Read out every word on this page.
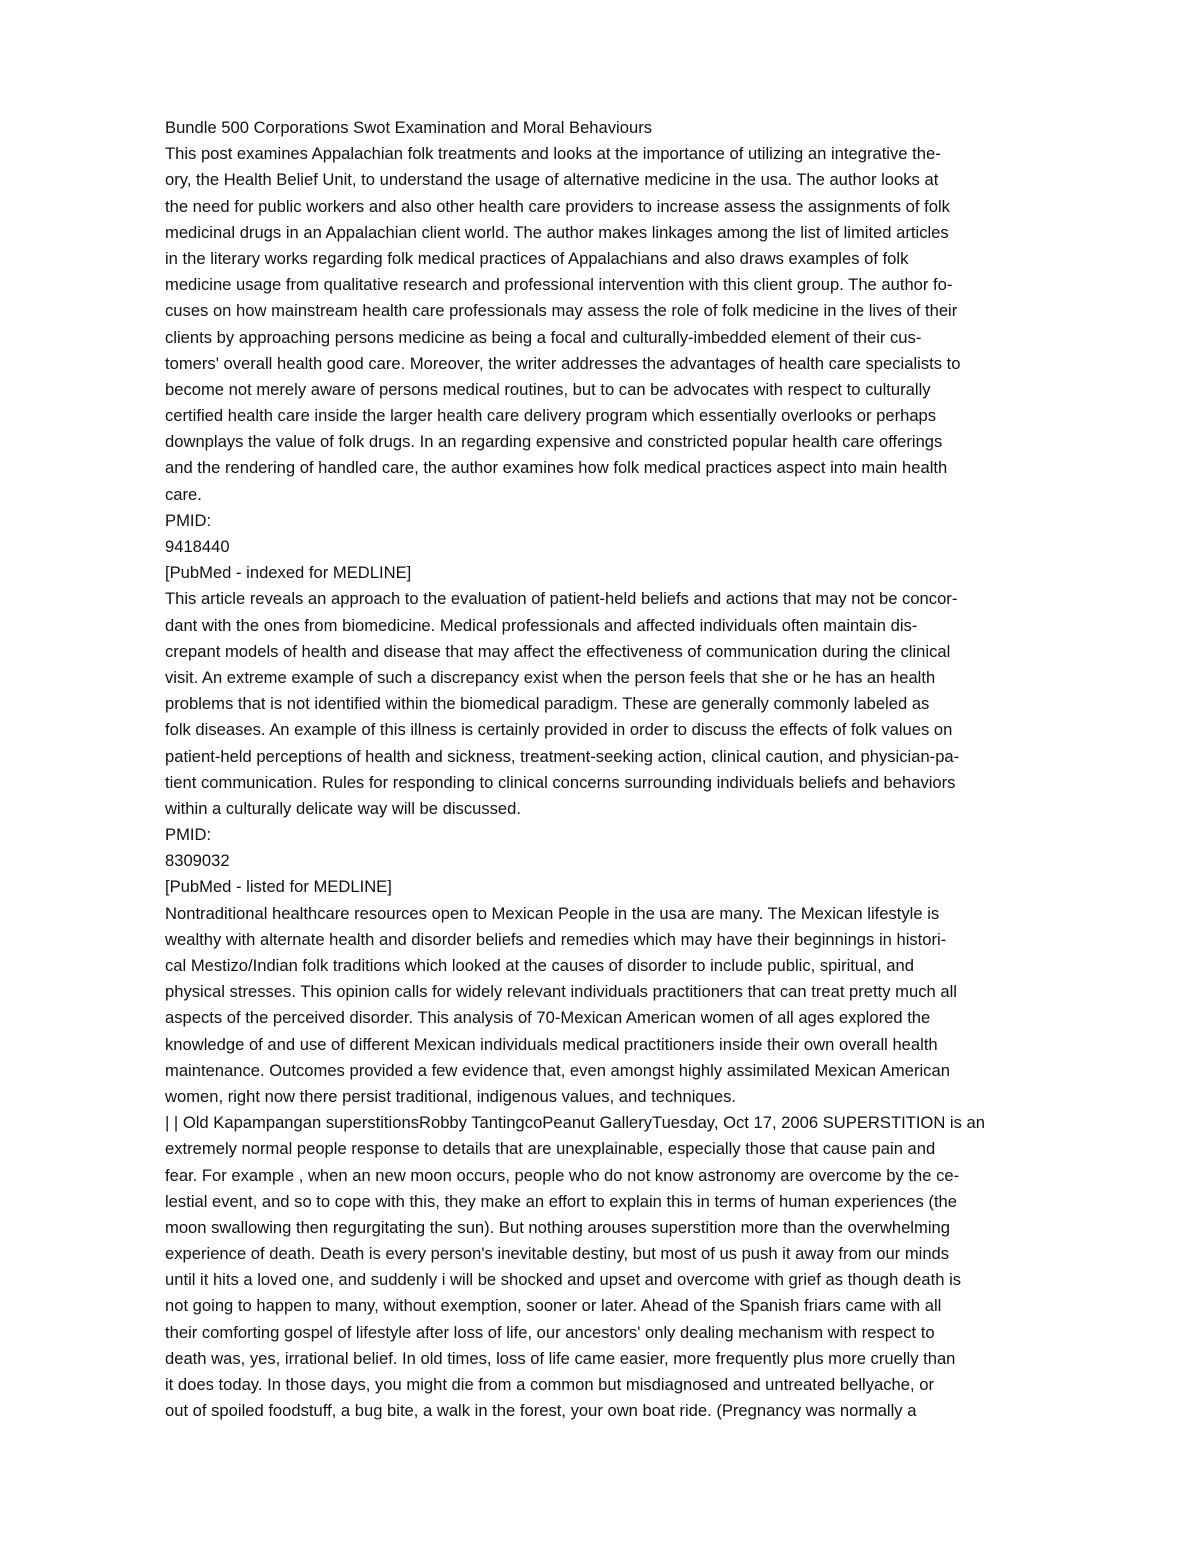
Bundle 500 Corporations Swot Examination and Moral Behaviours
This post examines Appalachian folk treatments and looks at the importance of utilizing an integrative the-
ory, the Health Belief Unit, to understand the usage of alternative medicine in the usa. The author looks at
the need for public workers and also other health care providers to increase assess the assignments of folk
medicinal drugs in an Appalachian client world. The author makes linkages among the list of limited articles
in the literary works regarding folk medical practices of Appalachians and also draws examples of folk
medicine usage from qualitative research and professional intervention with this client group. The author fo-
cuses on how mainstream health care professionals may assess the role of folk medicine in the lives of their
clients by approaching persons medicine as being a focal and culturally-imbedded element of their cus-
tomers' overall health good care. Moreover, the writer addresses the advantages of health care specialists to
become not merely aware of persons medical routines, but to can be advocates with respect to culturally
certified health care inside the larger health care delivery program which essentially overlooks or perhaps
downplays the value of folk drugs. In an regarding expensive and constricted popular health care offerings
and the rendering of handled care, the author examines how folk medical practices aspect into main health
care.
PMID:
9418440
[PubMed - indexed for MEDLINE]
This article reveals an approach to the evaluation of patient-held beliefs and actions that may not be concor-
dant with the ones from biomedicine. Medical professionals and affected individuals often maintain dis-
crepant models of health and disease that may affect the effectiveness of communication during the clinical
visit. An extreme example of such a discrepancy exist when the person feels that she or he has an health
problems that is not identified within the biomedical paradigm. These are generally commonly labeled as
folk diseases. An example of this illness is certainly provided in order to discuss the effects of folk values on
patient-held perceptions of health and sickness, treatment-seeking action, clinical caution, and physician-pa-
tient communication. Rules for responding to clinical concerns surrounding individuals beliefs and behaviors
within a culturally delicate way will be discussed.
PMID:
8309032
[PubMed - listed for MEDLINE]
Nontraditional healthcare resources open to Mexican People in the usa are many. The Mexican lifestyle is
wealthy with alternate health and disorder beliefs and remedies which may have their beginnings in histori-
cal Mestizo/Indian folk traditions which looked at the causes of disorder to include public, spiritual, and
physical stresses. This opinion calls for widely relevant individuals practitioners that can treat pretty much all
aspects of the perceived disorder. This analysis of 70-Mexican American women of all ages explored the
knowledge of and use of different Mexican individuals medical practitioners inside their own overall health
maintenance. Outcomes provided a few evidence that, even amongst highly assimilated Mexican American
women, right now there persist traditional, indigenous values, and techniques.
| | Old Kapampangan superstitionsRobby TantingcoPeanut GalleryTuesday, Oct 17, 2006 SUPERSTITION is an
extremely normal people response to details that are unexplainable, especially those that cause pain and
fear. For example , when an new moon occurs, people who do not know astronomy are overcome by the ce-
lestial event, and so to cope with this, they make an effort to explain this in terms of human experiences (the
moon swallowing then regurgitating the sun). But nothing arouses superstition more than the overwhelming
experience of death. Death is every person's inevitable destiny, but most of us push it away from our minds
until it hits a loved one, and suddenly i will be shocked and upset and overcome with grief as though death is
not going to happen to many, without exemption, sooner or later. Ahead of the Spanish friars came with all
their comforting gospel of lifestyle after loss of life, our ancestors' only dealing mechanism with respect to
death was, yes, irrational belief. In old times, loss of life came easier, more frequently plus more cruelly than
it does today. In those days, you might die from a common but misdiagnosed and untreated bellyache, or
out of spoiled foodstuff, a bug bite, a walk in the forest, your own boat ride. (Pregnancy was normally a
